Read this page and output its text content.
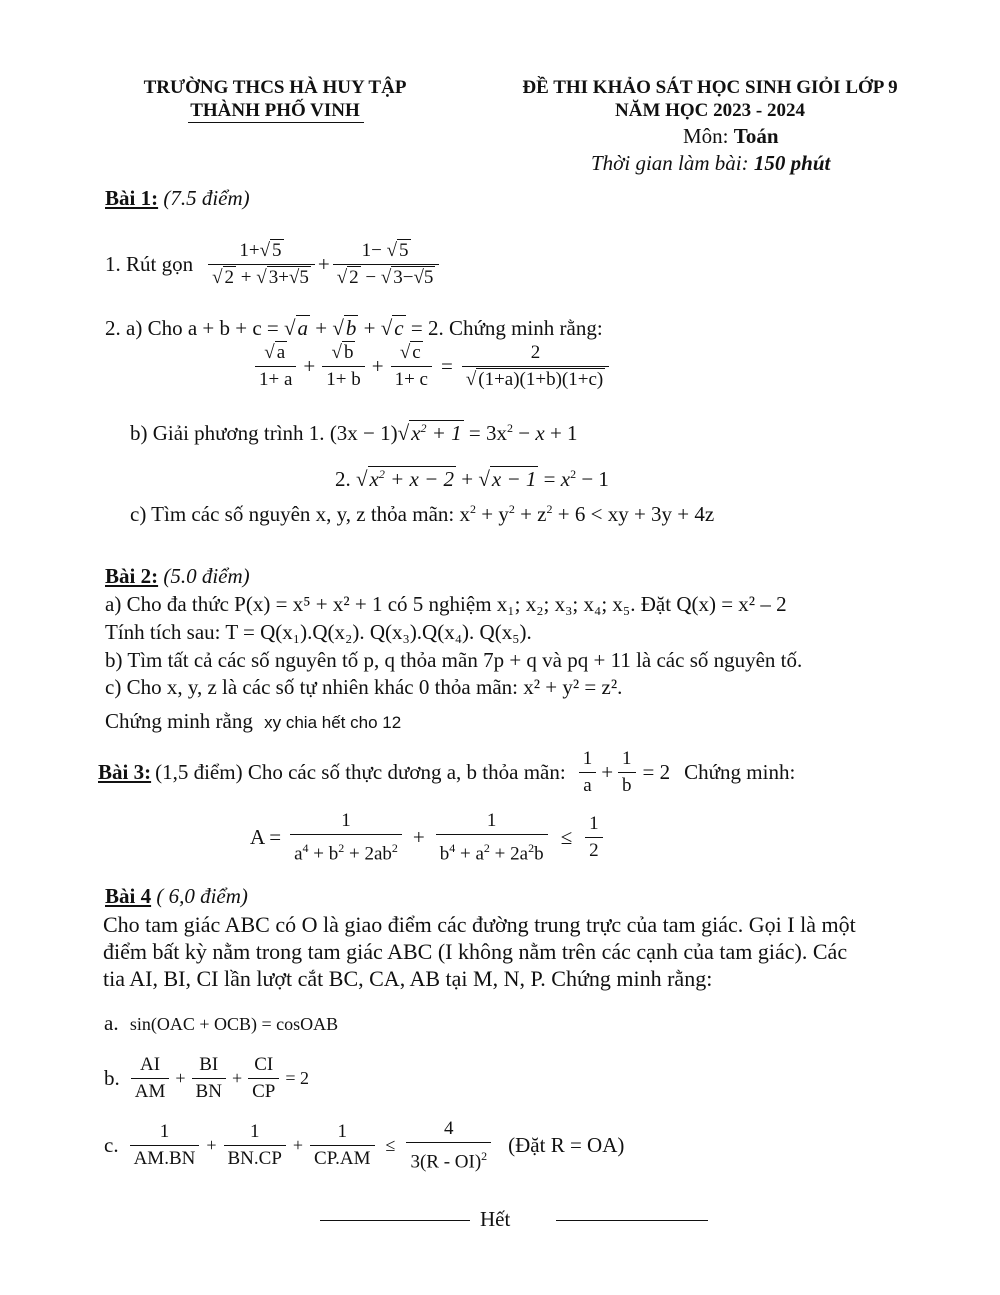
TRƯỜNG THCS HÀ HUY TẬP
THÀNH PHỐ VINH
ĐỀ THI KHẢO SÁT HỌC SINH GIỎI LỚP 9
NĂM HỌC 2023 - 2024
Môn: Toán
Thời gian làm bài: 150 phút
Bài 1: (7.5 điểm)
1. Rút gọn $\frac{1+√ 5}{√ 2 + √ 3+√5} + \frac{1- √ 5}{√ 2 - √ 3-√5}$
2. a) Cho a + b + c = √a + √b + √c = 2. Chứng minh rằng:
$\frac{√ a}{1+ a} + \frac{√ b}{1+ b} + \frac{√ c}{1+ c} = \frac{2}{√ (1+a)(1+b)(1+c)}$
b) Giải phương trình 1. $(3x - 1)√x^2 + 1 = 3x^2 - x + 1$
2. $√x^2 + x - 2 + √x - 1 = x^2 - 1$
c) Tìm các số nguyên x, y, z thỏa mãn: $x^2 + y^2 + z^2 + 6$ < xy + 3y + 4z
Bài 2: (5.0 điểm)
a) Cho đa thức P(x) = x⁵ + x² + 1 có 5 nghiệm x₁; x₂; x₃; x₄; x₅. Đặt Q(x) = x² – 2
Tính tích sau: T = Q(x₁).Q(x₂). Q(x₃).Q(x₄). Q(x₅).
b) Tìm tất cả các số nguyên tố p, q thỏa mãn 7p + q và pq + 11 là các số nguyên tố.
c) Cho x, y, z là các số tự nhiên khác 0 thỏa mãn: x² + y² = z².
Chứng minh rằng xy chia hết cho 12
Bài 3: (1,5 điểm) Cho các số thực dương a, b thỏa mãn: $\frac{1}{a} + \frac{1}{b} = 2$ Chứng minh:
$A = \frac{1}{a^4 + b^2 + 2ab^2} + \frac{1}{b^4 + a^2 + 2a^2b} \le \frac{1}{2}$
Bài 4 ( 6,0 điểm)
Cho tam giác ABC có O là giao điểm các đường trung trực của tam giác. Gọi I là một
điểm bất kỳ nằm trong tam giác ABC (I không nằm trên các cạnh của tam giác). Các
tia AI, BI, CI lần lượt cắt BC, CA, AB tại M, N, P. Chứng minh rằng:
a. sin(OAC + OCB) = cosOAB
b. $\frac{AI}{AM} + \frac{BI}{BN} + \frac{CI}{CP} = 2$
c. $\frac{1}{AM.BN} + \frac{1}{BN.CP} + \frac{1}{CP.AM} \le \frac{4}{3(R - OI)^2}$ (Đặt R = OA)
Hết
